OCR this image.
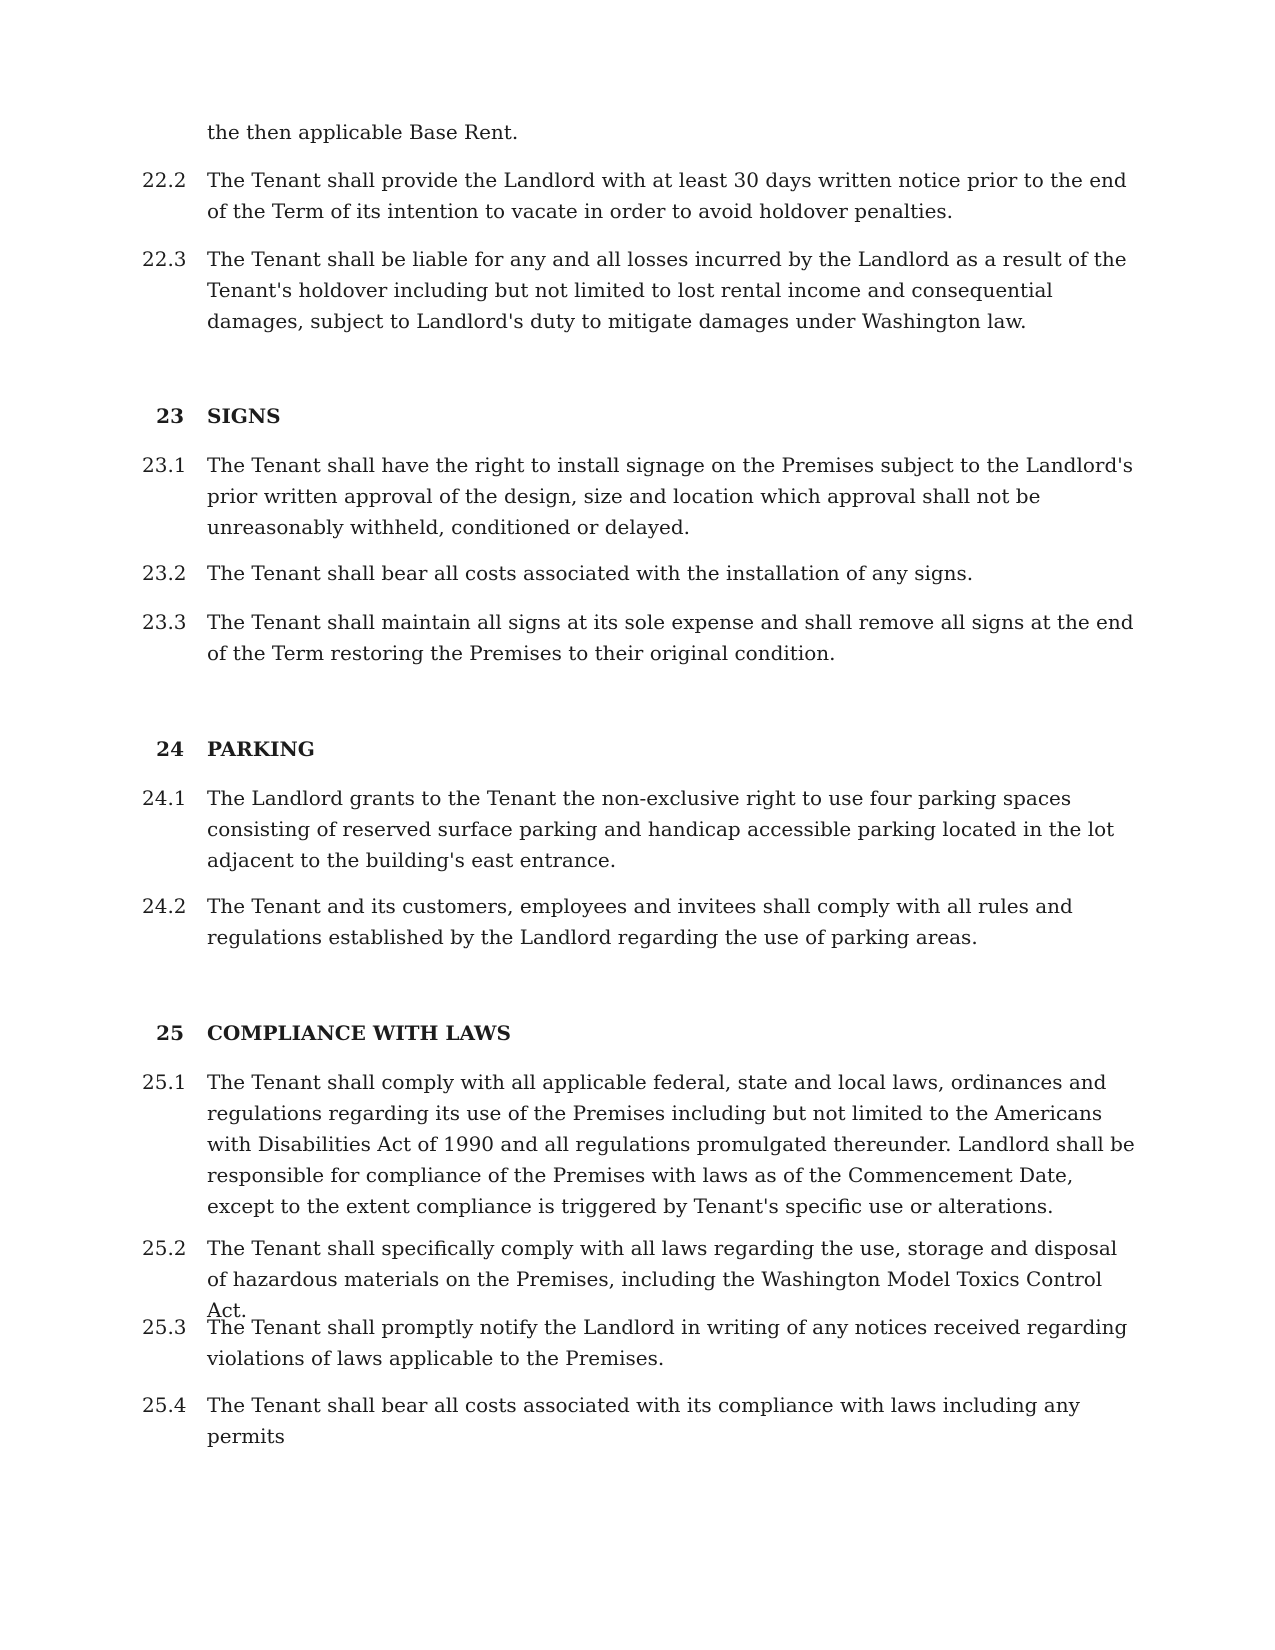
the then applicable Base Rent.
22.2	The Tenant shall provide the Landlord with at least 30 days written notice prior to the end of the Term of its intention to vacate in order to avoid holdover penalties.
22.3	The Tenant shall be liable for any and all losses incurred by the Landlord as a result of the Tenant's holdover including but not limited to lost rental income and consequential damages, subject to Landlord's duty to mitigate damages under Washington law.
23 SIGNS
23.1	The Tenant shall have the right to install signage on the Premises subject to the Landlord's prior written approval of the design, size and location which approval shall not be unreasonably withheld, conditioned or delayed.
23.2	The Tenant shall bear all costs associated with the installation of any signs.
23.3	The Tenant shall maintain all signs at its sole expense and shall remove all signs at the end of the Term restoring the Premises to their original condition.
24 PARKING
24.1	The Landlord grants to the Tenant the non-exclusive right to use four parking spaces consisting of reserved surface parking and handicap accessible parking located in the lot adjacent to the building's east entrance.
24.2	The Tenant and its customers, employees and invitees shall comply with all rules and regulations established by the Landlord regarding the use of parking areas.
25 COMPLIANCE WITH LAWS
25.1	The Tenant shall comply with all applicable federal, state and local laws, ordinances and regulations regarding its use of the Premises including but not limited to the Americans with Disabilities Act of 1990 and all regulations promulgated thereunder. Landlord shall be responsible for compliance of the Premises with laws as of the Commencement Date, except to the extent compliance is triggered by Tenant's specific use or alterations.
25.2	The Tenant shall specifically comply with all laws regarding the use, storage and disposal of hazardous materials on the Premises, including the Washington Model Toxics Control Act.
25.3	The Tenant shall promptly notify the Landlord in writing of any notices received regarding violations of laws applicable to the Premises.
25.4	The Tenant shall bear all costs associated with its compliance with laws including any permits
